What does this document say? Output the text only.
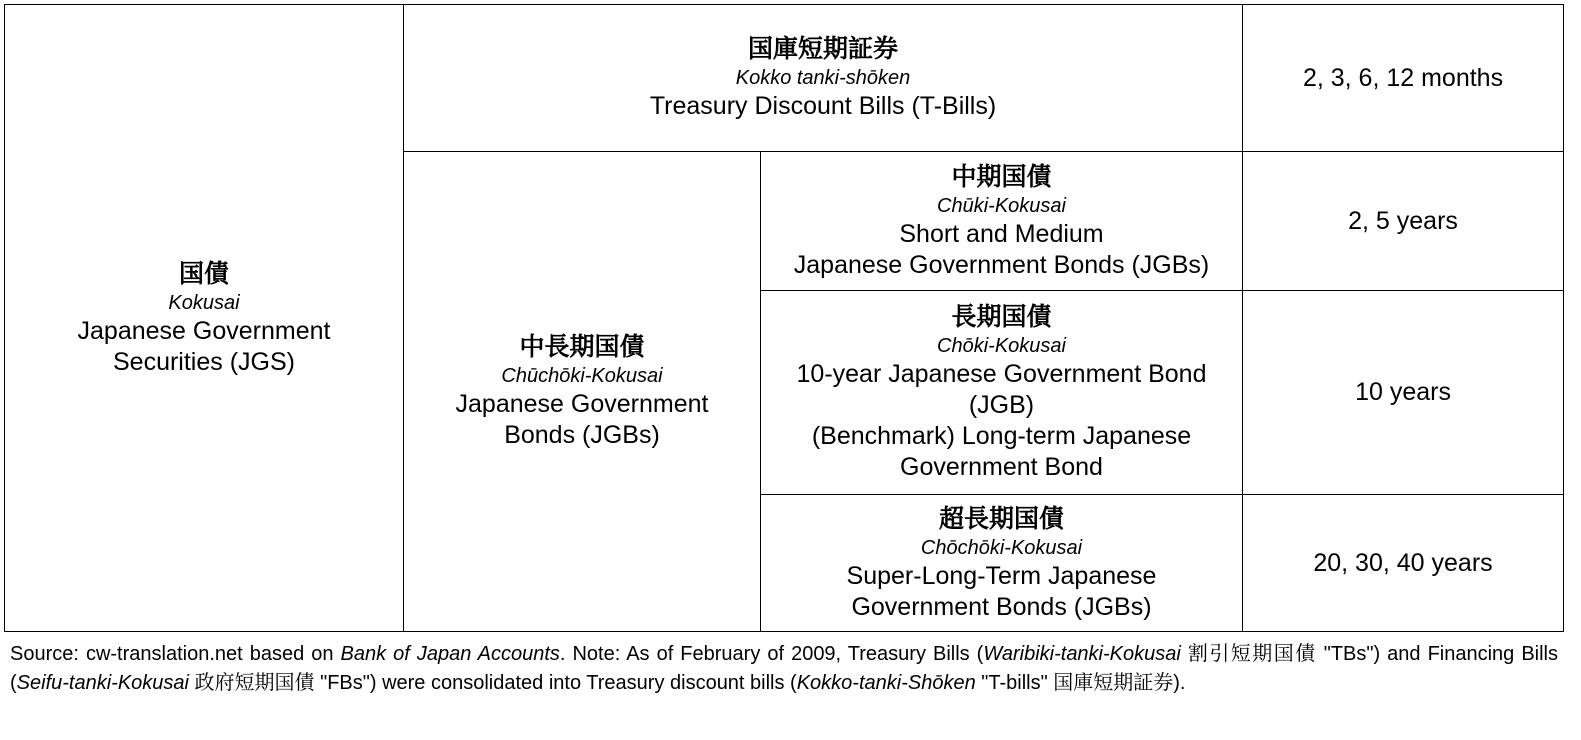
国債
Kokusai
Japanese Government Securities (JGS)	国庫短期証券
Kokko tanki-shōken
Treasury Discount Bills (T-Bills)		2, 3, 6, 12 months

	中長期国債
Chūchōki-Kokusai
Japanese Government Bonds (JGBs)	中期国債
Chūki-Kokusai
Short and Medium
Japanese Government Bonds (JGBs)	2, 5 years

		長期国債
Chōki-Kokusai
10-year Japanese Government Bond (JGB)
(Benchmark) Long-term Japanese Government Bond	10 years

		超長期国債
Chōchōki-Kokusai
Super-Long-Term Japanese Government Bonds (JGBs)	20, 30, 40 years
Source: cw-translation.net based on Bank of Japan Accounts. Note: As of February of 2009, Treasury Bills (Waribiki-tanki-Kokusai 割引短期国債 "TBs") and Financing Bills (Seifu-tanki-Kokusai 政府短期国債 "FBs") were consolidated into Treasury discount bills (Kokko-tanki-Shōken "T-bills" 国庫短期証券).
